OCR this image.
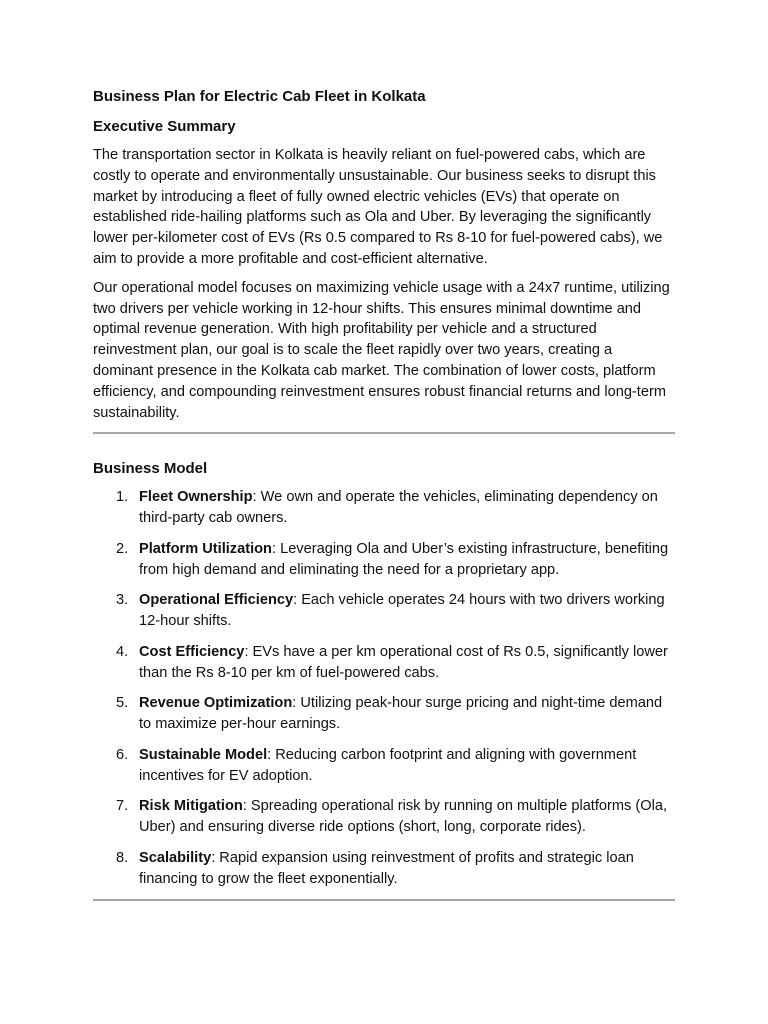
Business Plan for Electric Cab Fleet in Kolkata
Executive Summary

The transportation sector in Kolkata is heavily reliant on fuel-powered cabs, which are costly to operate and environmentally unsustainable. Our business seeks to disrupt this market by introducing a fleet of fully owned electric vehicles (EVs) that operate on established ride-hailing platforms such as Ola and Uber. By leveraging the significantly lower per-kilometer cost of EVs (Rs 0.5 compared to Rs 8-10 for fuel-powered cabs), we aim to provide a more profitable and cost-efficient alternative.

Our operational model focuses on maximizing vehicle usage with a 24x7 runtime, utilizing two drivers per vehicle working in 12-hour shifts. This ensures minimal downtime and optimal revenue generation. With high profitability per vehicle and a structured reinvestment plan, our goal is to scale the fleet rapidly over two years, creating a dominant presence in the Kolkata cab market. The combination of lower costs, platform efficiency, and compounding reinvestment ensures robust financial returns and long-term sustainability.

Business Model
1. Fleet Ownership: We own and operate the vehicles, eliminating dependency on third-party cab owners.
2. Platform Utilization: Leveraging Ola and Uber’s existing infrastructure, benefiting from high demand and eliminating the need for a proprietary app.
3. Operational Efficiency: Each vehicle operates 24 hours with two drivers working 12-hour shifts.
4. Cost Efficiency: EVs have a per km operational cost of Rs 0.5, significantly lower than the Rs 8-10 per km of fuel-powered cabs.
5. Revenue Optimization: Utilizing peak-hour surge pricing and night-time demand to maximize per-hour earnings.
6. Sustainable Model: Reducing carbon footprint and aligning with government incentives for EV adoption.
7. Risk Mitigation: Spreading operational risk by running on multiple platforms (Ola, Uber) and ensuring diverse ride options (short, long, corporate rides).
8. Scalability: Rapid expansion using reinvestment of profits and strategic loan financing to grow the fleet exponentially.
